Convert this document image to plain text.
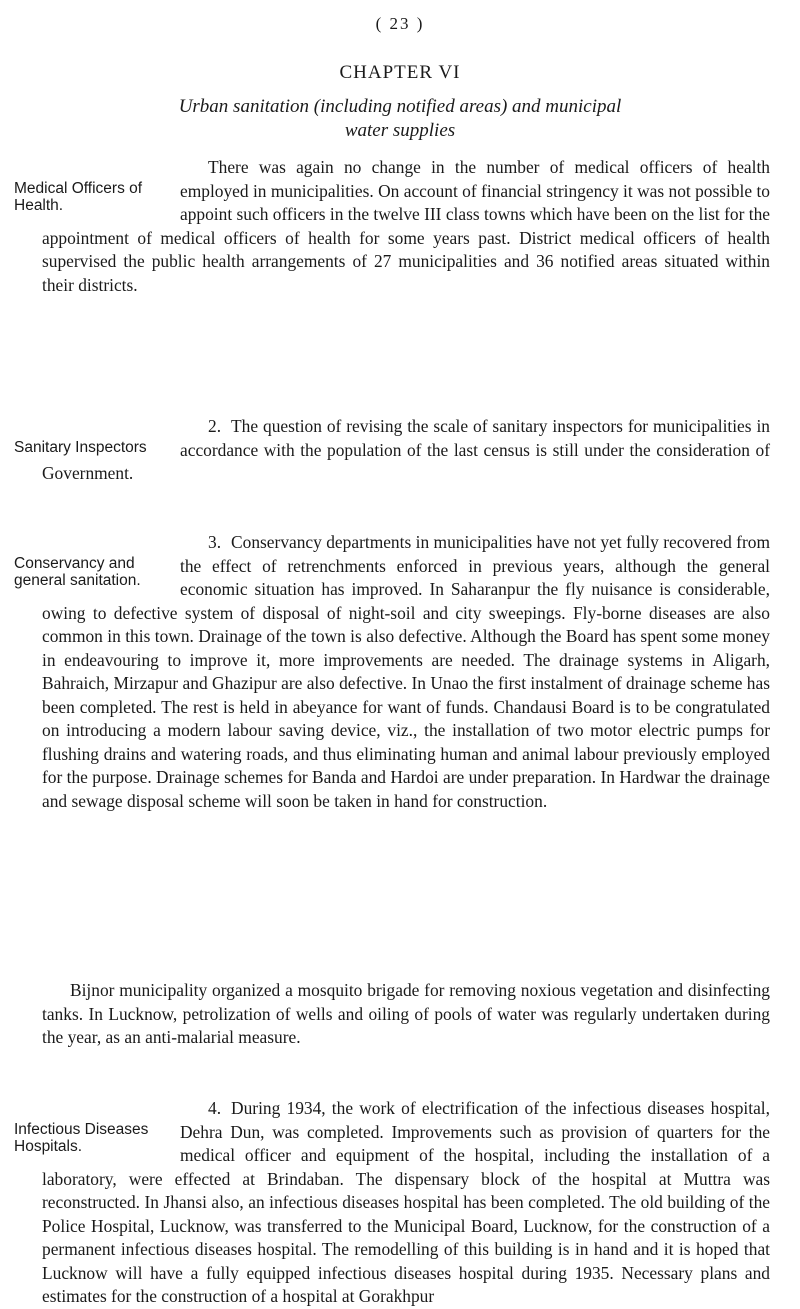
( 23 )
CHAPTER VI
Urban sanitation (including notified areas) and municipal water supplies
Medical Officers of Health.
There was again no change in the number of medical officers of health employed in municipalities. On account of financial stringency it was not possible to appoint such officers in the twelve III class towns which have been on the list for the appointment of medical officers of health for some years past. District medical officers of health supervised the public health arrangements of 27 municipalities and 36 notified areas situated within their districts.
Sanitary Inspectors
2. The question of revising the scale of sanitary inspectors for municipalities in accordance with the population of the last census is still under the consideration of Government.
Conservancy and general sanitation.
3. Conservancy departments in municipalities have not yet fully recovered from the effect of retrenchments enforced in previous years, although the general economic situation has improved. In Saharanpur the fly nuisance is considerable, owing to defective system of disposal of night-soil and city sweepings. Fly-borne diseases are also common in this town. Drainage of the town is also defective. Although the Board has spent some money in endeavouring to improve it, more improvements are needed. The drainage systems in Aligarh, Bahraich, Mirzapur and Ghazipur are also defective. In Unao the first instalment of drainage scheme has been completed. The rest is held in abeyance for want of funds. Chandausi Board is to be congratulated on introducing a modern labour saving device, viz., the installation of two motor electric pumps for flushing drains and watering roads, and thus eliminating human and animal labour previously employed for the purpose. Drainage schemes for Banda and Hardoi are under preparation. In Hardwar the drainage and sewage disposal scheme will soon be taken in hand for construction.
Bijnor municipality organized a mosquito brigade for removing noxious vegetation and disinfecting tanks. In Lucknow, petrolization of wells and oiling of pools of water was regularly undertaken during the year, as an anti-malarial measure.
Infectious Diseases Hospitals.
4. During 1934, the work of electrification of the infectious diseases hospital, Dehra Dun, was completed. Improvements such as provision of quarters for the medical officer and equipment of the hospital, including the installation of a laboratory, were effected at Brindaban. The dispensary block of the hospital at Muttra was reconstructed. In Jhansi also, an infectious diseases hospital has been completed. The old building of the Police Hospital, Lucknow, was transferred to the Municipal Board, Lucknow, for the construction of a permanent infectious diseases hospital. The remodelling of this building is in hand and it is hoped that Lucknow will have a fully equipped infectious diseases hospital during 1935. Necessary plans and estimates for the construction of a hospital at Gorakhpur
